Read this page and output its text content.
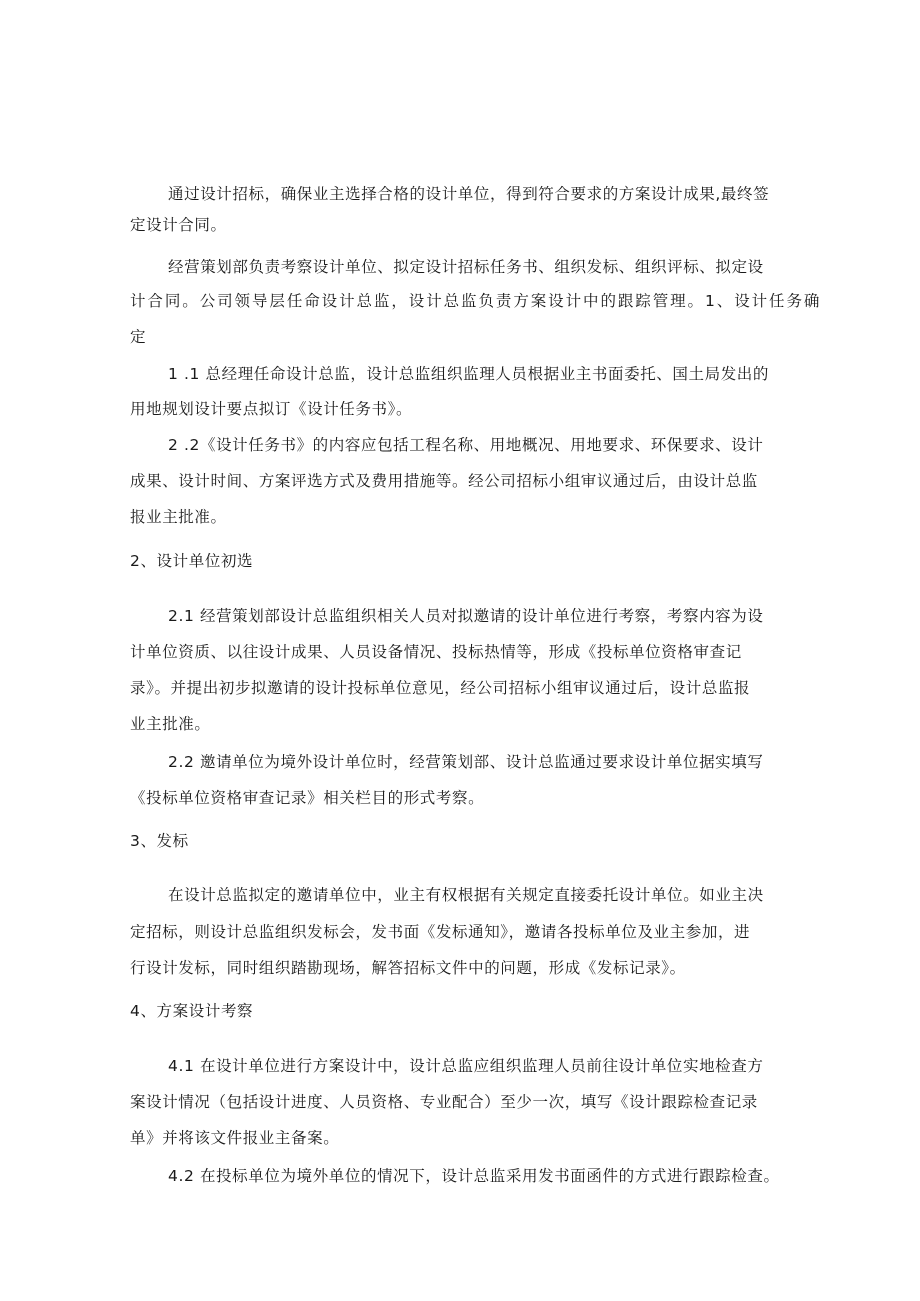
通过设计招标，确保业主选择合格的设计单位，得到符合要求的方案设计成果,最终签
定设计合同。
经营策划部负责考察设计单位、拟定设计招标任务书、组织发标、组织评标、拟定设
计合同。公司领导层任命设计总监，设计总监负责方案设计中的跟踪管理。1、设计任务确
定
1 .1 总经理任命设计总监，设计总监组织监理人员根据业主书面委托、国土局发出的
用地规划设计要点拟订《设计任务书》。
2 .2《设计任务书》的内容应包括工程名称、用地概况、用地要求、环保要求、设计
成果、设计时间、方案评选方式及费用措施等。经公司招标小组审议通过后，由设计总监
报业主批准。
2、设计单位初选
2.1 经营策划部设计总监组织相关人员对拟邀请的设计单位进行考察，考察内容为设
计单位资质、以往设计成果、人员设备情况、投标热情等，形成《投标单位资格审查记
录》。并提出初步拟邀请的设计投标单位意见，经公司招标小组审议通过后，设计总监报
业主批准。
2.2 邀请单位为境外设计单位时，经营策划部、设计总监通过要求设计单位据实填写
《投标单位资格审查记录》相关栏目的形式考察。
3、发标
在设计总监拟定的邀请单位中，业主有权根据有关规定直接委托设计单位。如业主决
定招标，则设计总监组织发标会，发书面《发标通知》，邀请各投标单位及业主参加，进
行设计发标，同时组织踏勘现场，解答招标文件中的问题，形成《发标记录》。
4、方案设计考察
4.1 在设计单位进行方案设计中，设计总监应组织监理人员前往设计单位实地检查方
案设计情况（包括设计进度、人员资格、专业配合）至少一次，填写《设计跟踪检查记录
单》并将该文件报业主备案。
4.2 在投标单位为境外单位的情况下，设计总监采用发书面函件的方式进行跟踪检查。
